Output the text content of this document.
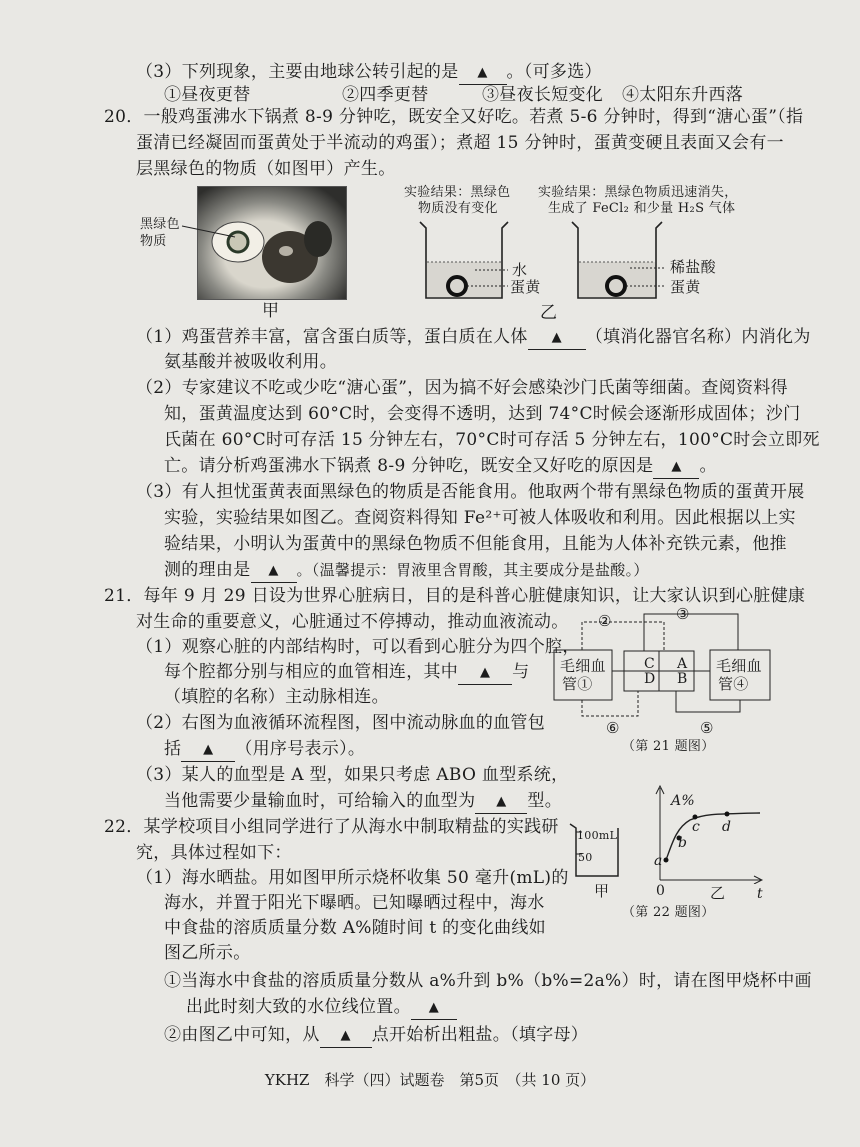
（3）下列现象，主要由地球公转引起的是 ▲ 。（可多选）
①昼夜更替	②四季更替	③昼夜长短变化 ④太阳东升西落
20．一般鸡蛋沸水下锅煮 8-9 分钟吃，既安全又好吃。若煮 5-6 分钟时，得到“溏心蛋”（指
蛋清已经凝固而蛋黄处于半流动的鸡蛋）；煮超 15 分钟时，蛋黄变硬且表面又会有一
层黑绿色的物质（如图甲）产生。
黑绿色
物质
甲
实验结果：黑绿色
物质没有变化
实验结果：黑绿色物质迅速消失，
生成了 FeCl₂ 和少量 H₂S 气体
水
蛋黄
稀盐酸
蛋黄
乙
（1）鸡蛋营养丰富，富含蛋白质等，蛋白质在人体 ▲ （填消化器官名称）内消化为
氨基酸并被吸收利用。
（2）专家建议不吃或少吃“溏心蛋”，因为搞不好会感染沙门氏菌等细菌。查阅资料得
知，蛋黄温度达到 60°C时，会变得不透明，达到 74°C时候会逐渐形成固体；沙门
氏菌在 60°C时可存活 15 分钟左右，70°C时可存活 5 分钟左右，100°C时会立即死
亡。请分析鸡蛋沸水下锅煮 8-9 分钟吃，既安全又好吃的原因是 ▲ 。
（3）有人担忧蛋黄表面黑绿色的物质是否能食用。他取两个带有黑绿色物质的蛋黄开展
实验，实验结果如图乙。查阅资料得知 Fe²⁺可被人体吸收和利用。因此根据以上实
验结果，小明认为蛋黄中的黑绿色物质不但能食用，且能为人体补充铁元素，他推
测的理由是 ▲ 。（温馨提示：胃液里含胃酸，其主要成分是盐酸。）
21．每年 9 月 29 日设为世界心脏病日，目的是科普心脏健康知识，让大家认识到心脏健康
对生命的重要意义，心脏通过不停搏动，推动血液流动。
（1）观察心脏的内部结构时，可以看到心脏分为四个腔，
每个腔都分别与相应的血管相连，其中 ▲ 与
（填腔的名称）主动脉相连。
（2）右图为血液循环流程图，图中流动脉血的血管包
括 ▲ （用序号表示）。
（3）某人的血型是 A 型，如果只考虑 ABO 血型系统，
当他需要少量输血时，可给输入的血型为 ▲ 型。
毛细血
管①
毛细血
管④
②	③
⑥	⑤
C
D
A
B
（第 21 题图）
22．某学校项目小组同学进行了从海水中制取精盐的实践研
究，具体过程如下：
（1）海水晒盐。用如图甲所示烧杯收集 50 毫升(mL)的
海水，并置于阳光下曝晒。已知曝晒过程中，海水
中食盐的溶质质量分数 A%随时间 t 的变化曲线如
图乙所示。
①当海水中食盐的溶质质量分数从 a%升到 b%（b%=2a%）时，请在图甲烧杯中画
出此时刻大致的水位线位置。 ▲
②由图乙中可知，从 ▲ 点开始析出粗盐。（填字母）
100mL
50
甲
A%
t
0
a
b
c d
乙
（第 22 题图）
YKHZ　科学（四）试题卷　第5页　（共 10 页）
